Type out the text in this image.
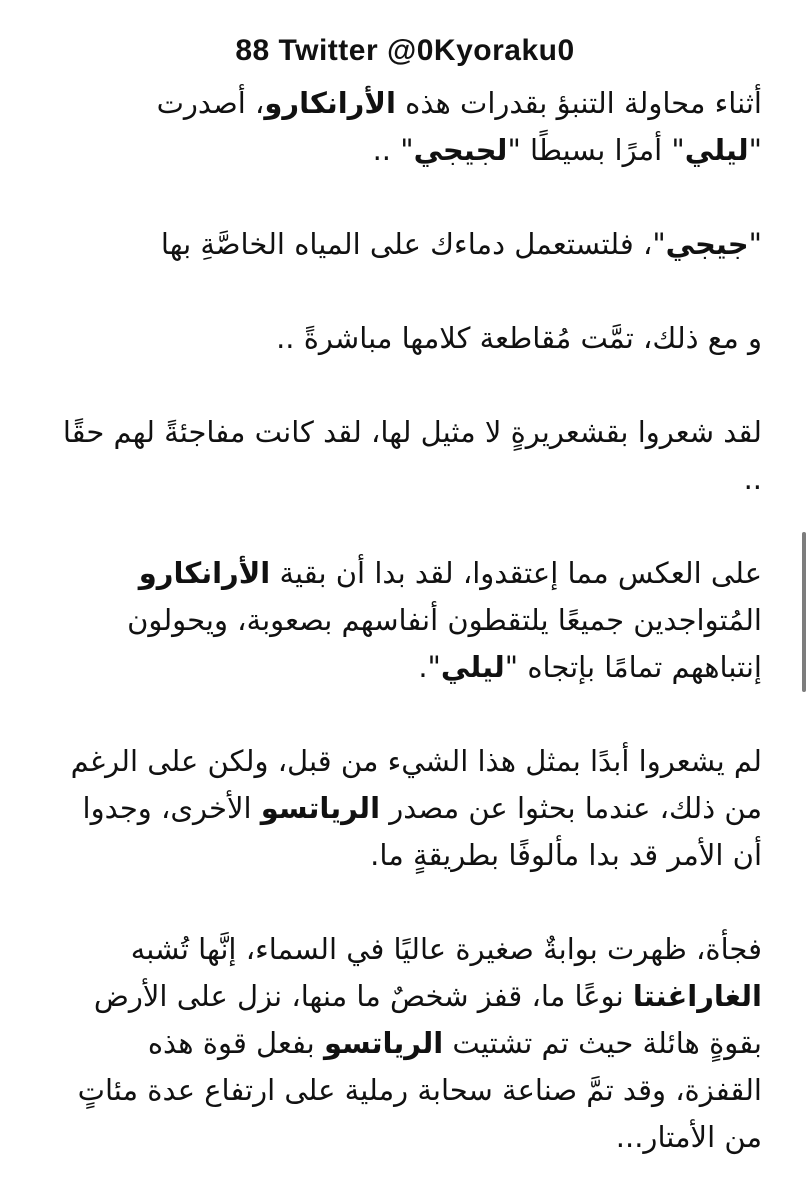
88 Twitter @0Kyoraku0

أثناء محاولة التنبؤ بقدرات هذه الأرانكارو، أصدرت
"ليلي" أمرًا بسيطًا "لجيجي" ..

"جيجي"، فلتستعمل دماءك على المياه الخاصَّةِ بها

و مع ذلك، تمَّت مُقاطعة كلامها مباشرةً ..

لقد شعروا بقشعريرةٍ لا مثيل لها، لقد كانت مفاجئةً لهم حقًا ..

على العكس مما إعتقدوا، لقد بدا أن بقية الأرانكارو المُتواجدين جميعًا يلتقطون أنفاسهم بصعوبة، ويحولون إنتباههم تمامًا بإتجاه "ليلي".

لم يشعروا أبدًا بمثل هذا الشيء من قبل، ولكن على الرغم من ذلك، عندما بحثوا عن مصدر الرياتسو الأخرى، وجدوا أن الأمر قد بدا مألوفًا بطريقةٍ ما.

فجأة، ظهرت بوابةٌ صغيرة عاليًا في السماء، إنَّها تُشبه الغاراغنتا نوعًا ما، قفز شخصٌ ما منها، نزل على الأرض بقوةٍ هائلة حيث تم تشتيت الرياتسو بفعل قوة هذه القفزة، وقد تمَّ صناعة سحابة رملية على ارتفاع عدة مئاتٍ من الأمتار...
